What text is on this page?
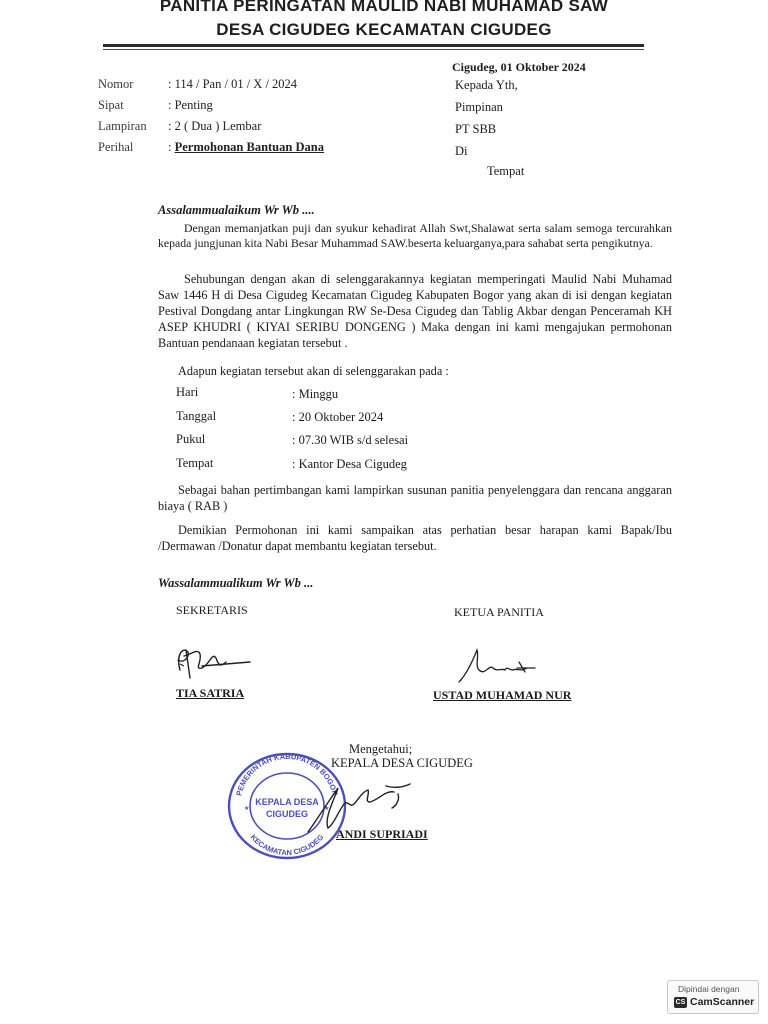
PANITIA PERINGATAN MAULID NABI MUHAMAD SAW
DESA CIGUDEG KECAMATAN CIGUDEG
Cigudeg, 01 Oktober 2024
Kepada Yth,
Pimpinan
PT SBB
Di
Tempat
Nomor	: 114 / Pan / 01 / X / 2024
Sipat	: Penting
Lampiran : 2 ( Dua ) Lembar
Perihal	: Permohonan Bantuan Dana
Assalammualaikum Wr Wb ....
Dengan memanjatkan puji dan syukur kehadirat Allah Swt,Shalawat serta salam semoga tercurahkan kepada jungjunan kita Nabi Besar Muhammad SAW.beserta keluarganya,para sahabat serta pengikutnya.
Sehubungan dengan akan di selenggarakannya kegiatan memperingati Maulid Nabi Muhamad Saw 1446 H di Desa Cigudeg Kecamatan Cigudeg Kabupaten Bogor yang akan di isi dengan kegiatan Pestival Dongdang antar Lingkungan RW Se-Desa Cigudeg dan Tablig Akbar dengan Penceramah KH ASEP KHUDRI ( KIYAI SERIBU DONGENG ) Maka dengan ini kami mengajukan permohonan Bantuan pendanaan kegiatan tersebut .
Adapun kegiatan tersebut akan di selenggarakan pada :
Hari	: Minggu
Tanggal	: 20 Oktober 2024
Pukul	: 07.30 WIB s/d selesai
Tempat	: Kantor Desa Cigudeg
Sebagai bahan pertimbangan kami lampirkan susunan panitia penyelenggara dan rencana anggaran biaya ( RAB )
Demikian Permohonan ini kami sampaikan atas perhatian besar harapan kami Bapak/Ibu /Dermawan /Donatur dapat membantu kegiatan tersebut.
Wassalammualikum Wr Wb ...
SEKRETARIS	KETUA PANITIA
TIA SATRIA	USTAD MUHAMAD NUR
Mengetahui;
KEPALA DESA CIGUDEG
PEMERINTAH KABUPATEN BOGOR
KECAMATAN CIGUDEG
KEPALA DESA
CIGUDEG
★	★
ANDI SUPRIADI
Dipindai dengan
CS CamScanner
